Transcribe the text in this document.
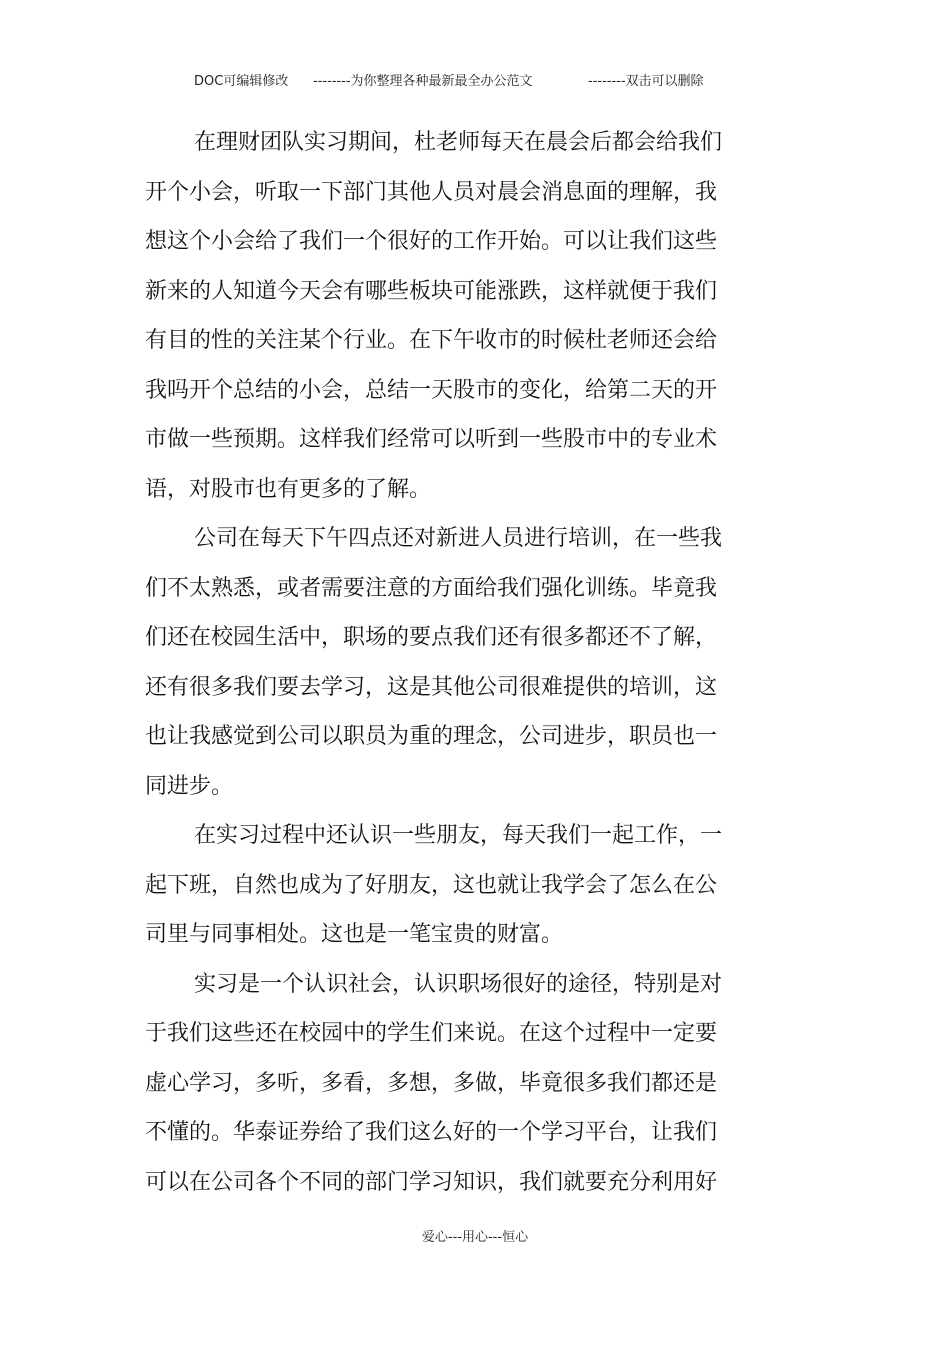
DOC可编辑修改 --------为你整理各种最新最全办公范文	--------双击可以删除
在理财团队实习期间，杜老师每天在晨会后都会给我们
开个小会，听取一下部门其他人员对晨会消息面的理解，我
想这个小会给了我们一个很好的工作开始。可以让我们这些
新来的人知道今天会有哪些板块可能涨跌，这样就便于我们
有目的性的关注某个行业。在下午收市的时候杜老师还会给
我吗开个总结的小会，总结一天股市的变化，给第二天的开
市做一些预期。这样我们经常可以听到一些股市中的专业术
语，对股市也有更多的了解。
公司在每天下午四点还对新进人员进行培训，在一些我
们不太熟悉，或者需要注意的方面给我们强化训练。毕竟我
们还在校园生活中，职场的要点我们还有很多都还不了解，
还有很多我们要去学习，这是其他公司很难提供的培训，这
也让我感觉到公司以职员为重的理念，公司进步，职员也一
同进步。
在实习过程中还认识一些朋友，每天我们一起工作，一
起下班，自然也成为了好朋友，这也就让我学会了怎么在公
司里与同事相处。这也是一笔宝贵的财富。
实习是一个认识社会，认识职场很好的途径，特别是对
于我们这些还在校园中的学生们来说。在这个过程中一定要
虚心学习，多听，多看，多想，多做，毕竟很多我们都还是
不懂的。华泰证券给了我们这么好的一个学习平台，让我们
可以在公司各个不同的部门学习知识，我们就要充分利用好
爱心---用心---恒心
